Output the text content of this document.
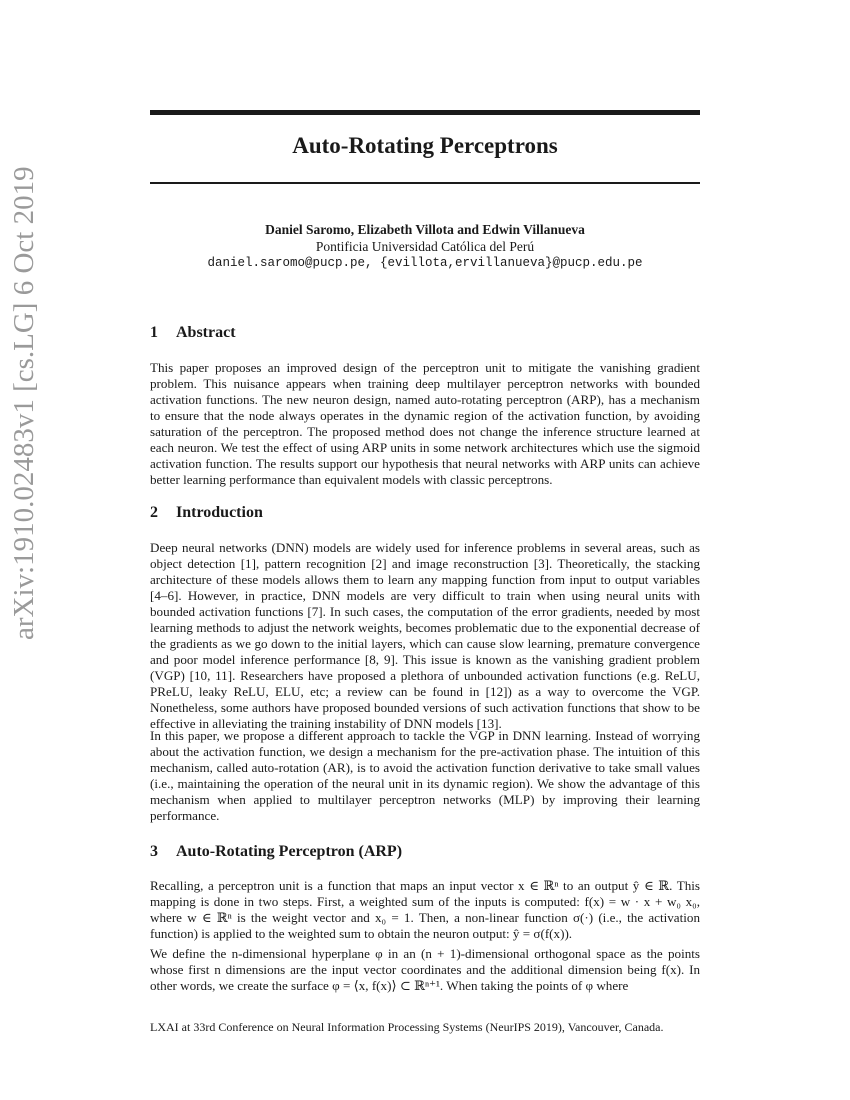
Auto-Rotating Perceptrons
Daniel Saromo, Elizabeth Villota and Edwin Villanueva
Pontificia Universidad Católica del Perú
daniel.saromo@pucp.pe, {evillota,ervillanueva}@pucp.edu.pe
arXiv:1910.02483v1 [cs.LG] 6 Oct 2019	1 Abstract

This paper proposes an improved design of the perceptron unit to mitigate the vanishing gradient problem. This nuisance appears when training deep multilayer perceptron networks with bounded activation functions. The new neuron design, named auto-rotating perceptron (ARP), has a mechanism to ensure that the node always operates in the dynamic region of the activation function, by avoiding saturation of the perceptron. The proposed method does not change the inference structure learned at each neuron. We test the effect of using ARP units in some network architectures which use the sigmoid activation function. The results support our hypothesis that neural networks with ARP units can achieve better learning performance than equivalent models with classic perceptrons.

2 Introduction

Deep neural networks (DNN) models are widely used for inference problems in several areas, such as object detection [1], pattern recognition [2] and image reconstruction [3]. Theoretically, the stacking architecture of these models allows them to learn any mapping function from input to output variables [4–6]. However, in practice, DNN models are very difficult to train when using neural units with bounded activation functions [7]. In such cases, the computation of the error gradients, needed by most learning methods to adjust the network weights, becomes problematic due to the exponential decrease of the gradients as we go down to the initial layers, which can cause slow learning, premature convergence and poor model inference performance [8, 9]. This issue is known as the vanishing gradient problem (VGP) [10, 11]. Researchers have proposed a plethora of unbounded activation functions (e.g. ReLU, PReLU, leaky ReLU, ELU, etc; a review can be found in [12]) as a way to overcome the VGP. Nonetheless, some authors have proposed bounded versions of such activation functions that show to be effective in alleviating the training instability of DNN models [13].

In this paper, we propose a different approach to tackle the VGP in DNN learning. Instead of worrying about the activation function, we design a mechanism for the pre-activation phase. The intuition of this mechanism, called auto-rotation (AR), is to avoid the activation function derivative to take small values (i.e., maintaining the operation of the neural unit in its dynamic region). We show the advantage of this mechanism when applied to multilayer perceptron networks (MLP) by improving their learning performance.

3 Auto-Rotating Perceptron (ARP)

Recalling, a perceptron unit is a function that maps an input vector x ∈ ℝⁿ to an output ŷ ∈ ℝ. This mapping is done in two steps. First, a weighted sum of the inputs is computed: f(x) = w · x + w₀ x₀, where w ∈ ℝⁿ is the weight vector and x₀ = 1. Then, a non-linear function σ(·) (i.e., the activation function) is applied to the weighted sum to obtain the neuron output: ŷ = σ(f(x)).

We define the n-dimensional hyperplane φ in an (n + 1)-dimensional orthogonal space as the points whose first n dimensions are the input vector coordinates and the additional dimension being f(x). In other words, we create the surface φ = ⟨x, f(x)⟩ ⊂ ℝⁿ⁺¹. When taking the points of φ where

LXAI at 33rd Conference on Neural Information Processing Systems (NeurIPS 2019), Vancouver, Canada.
